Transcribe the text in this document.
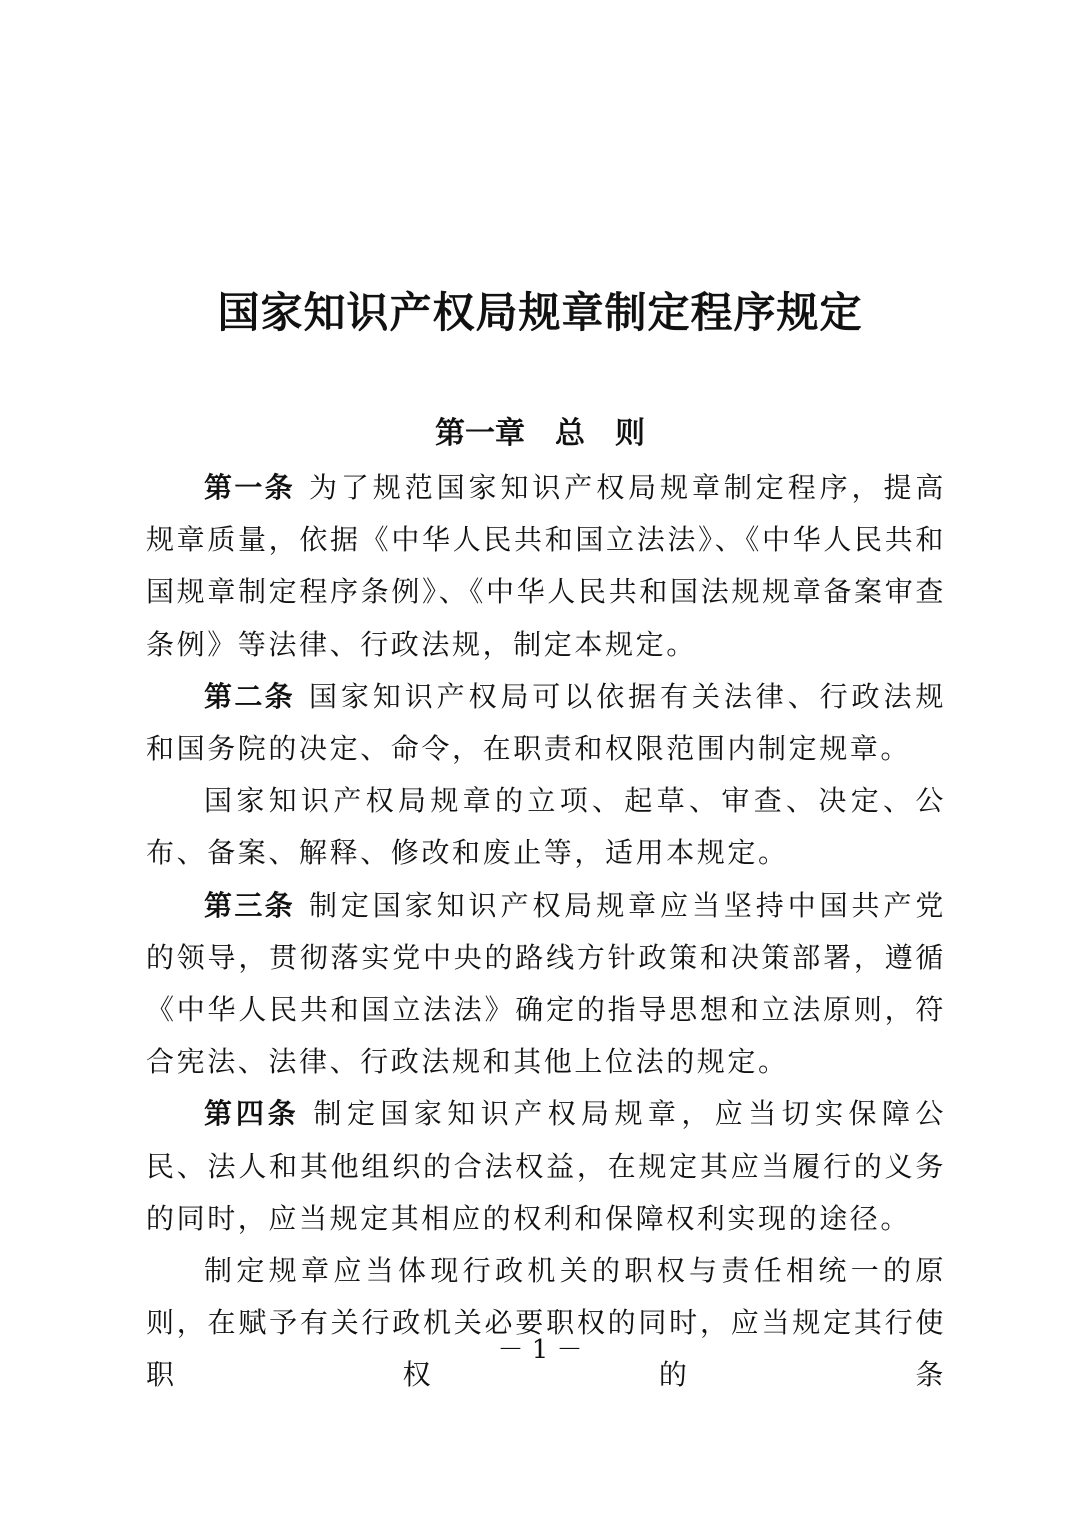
国家知识产权局规章制定程序规定
第一章　总　则

第一条 为了规范国家知识产权局规章制定程序，提高规章质量，依据《中华人民共和国立法法》、《中华人民共和国规章制定程序条例》、《中华人民共和国法规规章备案审查条例》等法律、行政法规，制定本规定。

第二条 国家知识产权局可以依据有关法律、行政法规和国务院的决定、命令，在职责和权限范围内制定规章。

国家知识产权局规章的立项、起草、审查、决定、公布、备案、解释、修改和废止等，适用本规定。

第三条 制定国家知识产权局规章应当坚持中国共产党的领导，贯彻落实党中央的路线方针政策和决策部署，遵循《中华人民共和国立法法》确定的指导思想和立法原则，符合宪法、法律、行政法规和其他上位法的规定。

第四条 制定国家知识产权局规章，应当切实保障公民、法人和其他组织的合法权益，在规定其应当履行的义务的同时，应当规定其相应的权利和保障权利实现的途径。

制定规章应当体现行政机关的职权与责任相统一的原则，在赋予有关行政机关必要职权的同时，应当规定其行使职权的条

－ 1 －
